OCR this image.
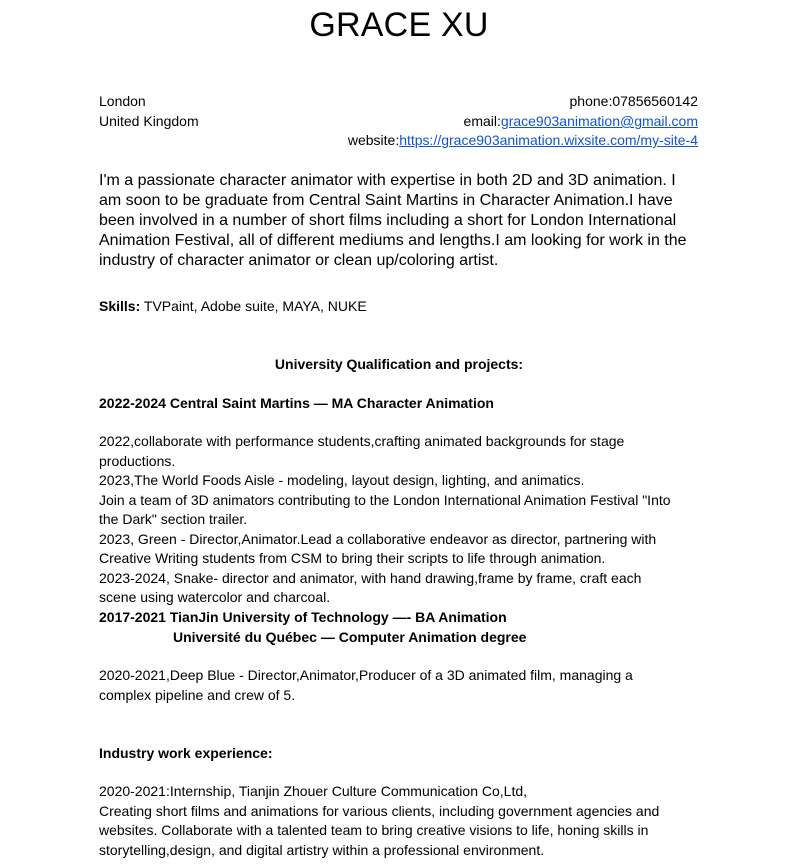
GRACE XU
London
United Kingdom
phone:07856560142
email:grace903animation@gmail.com
website:https://grace903animation.wixsite.com/my-site-4
I'm a passionate character animator with expertise in both 2D and 3D animation. I
am soon to be graduate from Central Saint Martins in Character Animation.I have
been involved in a number of short films including a short for London International
Animation Festival, all of different mediums and lengths.I am looking for work in the
industry of character animator or clean up/coloring artist.
Skills: TVPaint, Adobe suite, MAYA, NUKE
University Qualification and projects:
2022-2024 Central Saint Martins — MA Character Animation
2022,collaborate with performance students,crafting animated backgrounds for stage
productions.
2023,The World Foods Aisle - modeling, layout design, lighting, and animatics.
Join a team of 3D animators contributing to the London International Animation Festival "Into
the Dark" section trailer.
2023, Green - Director,Animator.Lead a collaborative endeavor as director, partnering with
Creative Writing students from CSM to bring their scripts to life through animation.
2023-2024, Snake- director and animator, with hand drawing,frame by frame, craft each
scene using watercolor and charcoal.
2017-2021 TianJin University of Technology —- BA Animation
Université du Québec — Computer Animation degree
2020-2021,Deep Blue - Director,Animator,Producer of a 3D animated film, managing a
complex pipeline and crew of 5.
Industry work experience:
2020-2021:Internship, Tianjin Zhouer Culture Communication Co,Ltd,
Creating short films and animations for various clients, including government agencies and
websites. Collaborate with a talented team to bring creative visions to life, honing skills in
storytelling,design, and digital artistry within a professional environment.
